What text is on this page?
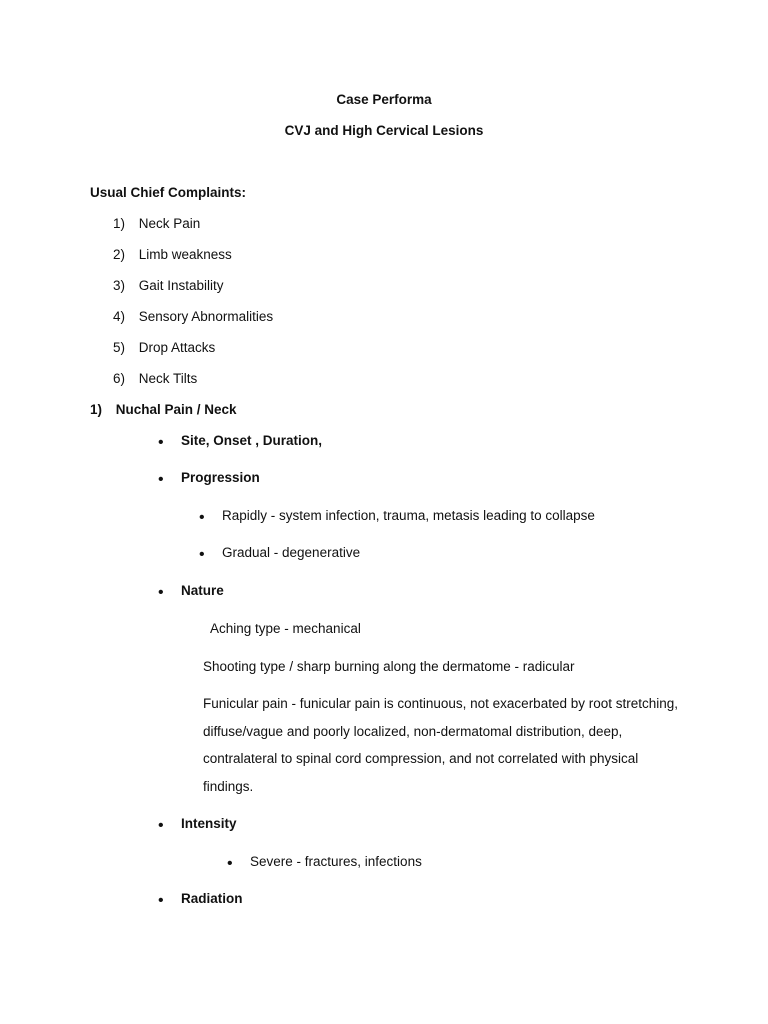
Case Performa
CVJ and High Cervical Lesions
Usual Chief Complaints:
1) Neck Pain
2) Limb weakness
3) Gait Instability
4) Sensory Abnormalities
5) Drop Attacks
6) Neck Tilts
1) Nuchal Pain / Neck
• Site, Onset , Duration,
• Progression
• Rapidly - system infection, trauma, metasis leading to collapse
• Gradual - degenerative
• Nature
Aching type - mechanical
Shooting type / sharp burning along the dermatome - radicular
Funicular pain - funicular pain is continuous, not exacerbated by root stretching, diffuse/vague and poorly localized, non-dermatomal distribution, deep, contralateral to spinal cord compression, and not correlated with physical findings.
• Intensity
• Severe - fractures, infections
• Radiation
